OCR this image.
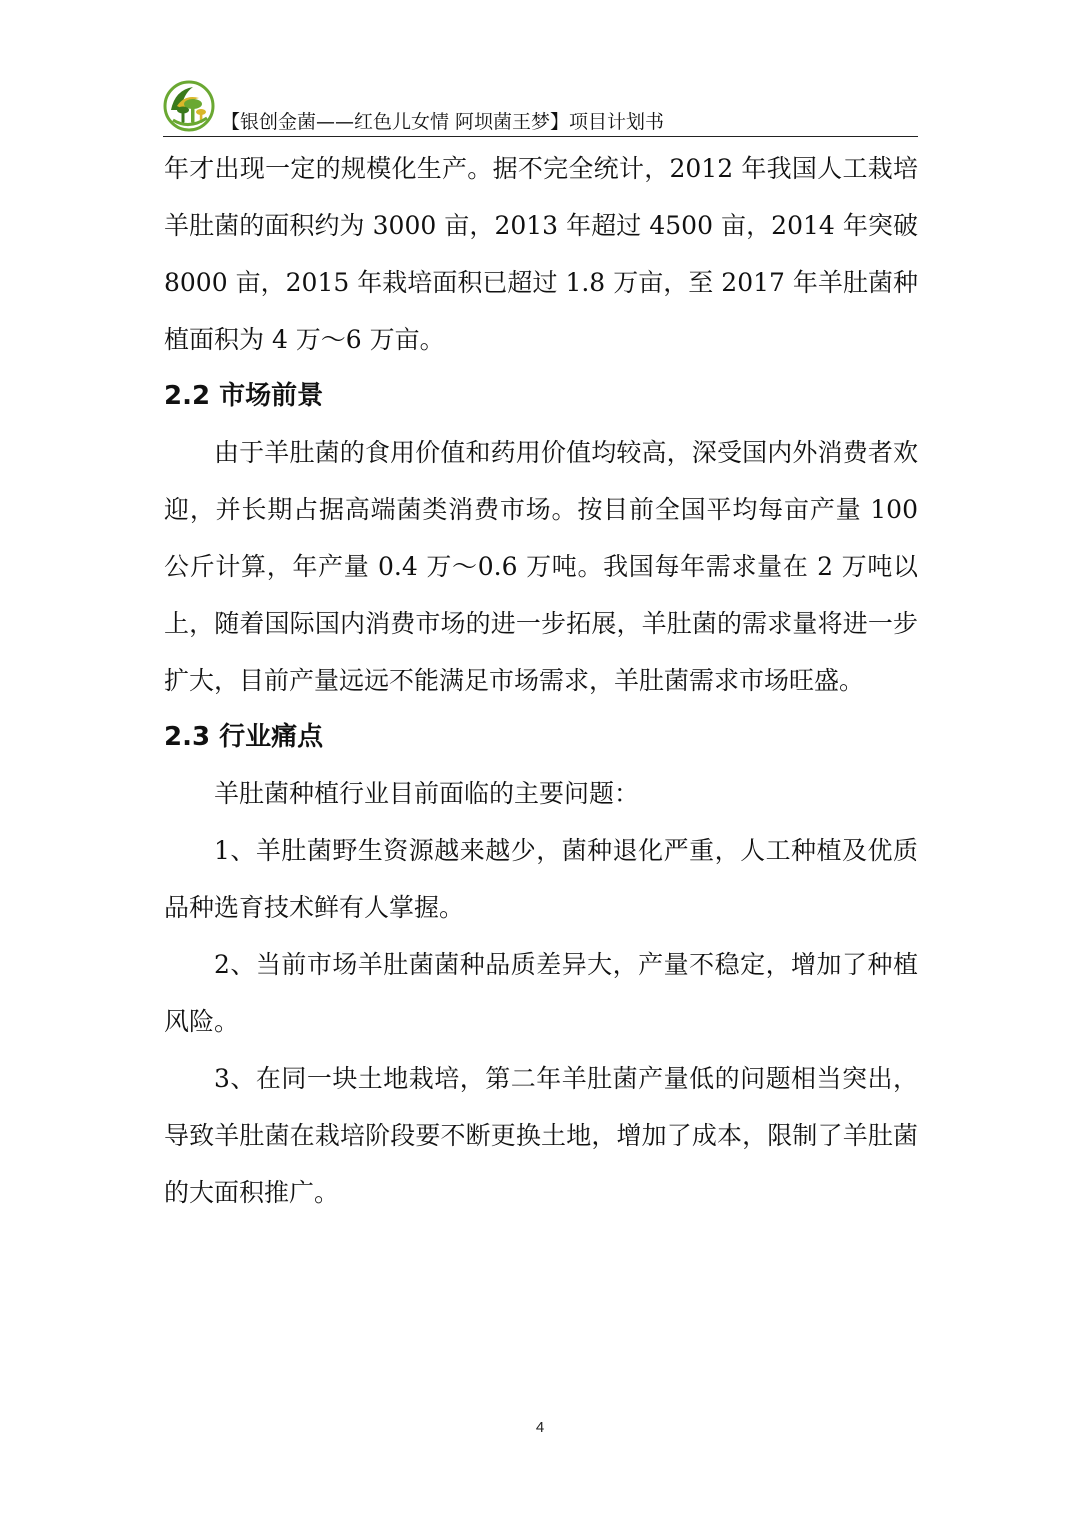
【银创金菌——红色儿女情 阿坝菌王梦】项目计划书

年才出现一定的规模化生产。据不完全统计，2012 年我国人工栽培羊肚菌的面积约为 3000 亩，2013 年超过 4500 亩，2014 年突破 8000 亩，2015 年栽培面积已超过 1.8 万亩，至 2017 年羊肚菌种植面积为 4 万～6 万亩。

2.2 市场前景

由于羊肚菌的食用价值和药用价值均较高，深受国内外消费者欢迎，并长期占据高端菌类消费市场。按目前全国平均每亩产量 100 公斤计算，年产量 0.4 万～0.6 万吨。我国每年需求量在 2 万吨以上，随着国际国内消费市场的进一步拓展，羊肚菌的需求量将进一步扩大，目前产量远远不能满足市场需求，羊肚菌需求市场旺盛。

2.3 行业痛点

羊肚菌种植行业目前面临的主要问题：

1、羊肚菌野生资源越来越少，菌种退化严重，人工种植及优质品种选育技术鲜有人掌握。

2、当前市场羊肚菌菌种品质差异大，产量不稳定，增加了种植风险。

3、在同一块土地栽培，第二年羊肚菌产量低的问题相当突出，导致羊肚菌在栽培阶段要不断更换土地，增加了成本，限制了羊肚菌的大面积推广。

4
